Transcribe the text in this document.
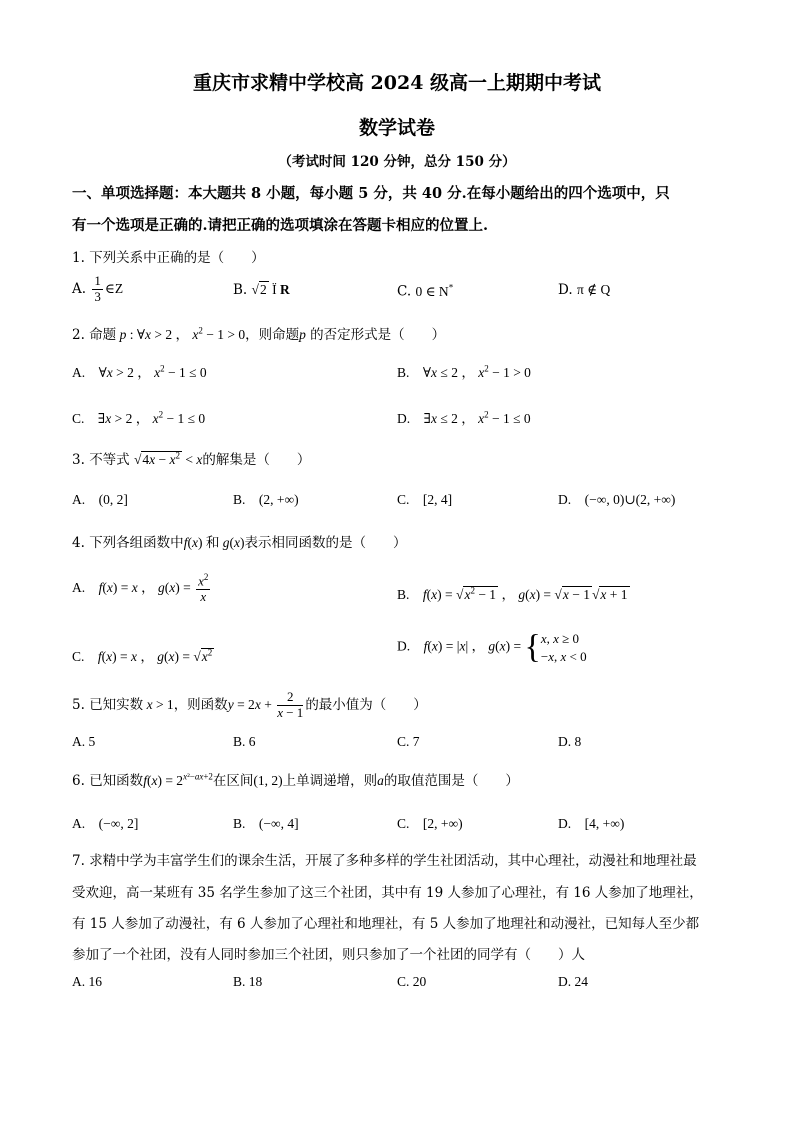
重庆市求精中学校高 2024 级高一上期期中考试
数学试卷
（考试时间 120 分钟，总分 150 分）
一、单项选择题：本大题共 8 小题，每小题 5 分，共 40 分.在每小题给出的四个选项中，只
有一个选项是正确的.请把正确的选项填涂在答题卡相应的位置上.
1. 下列关系中正确的是（　　）
A. $\frac{1}{3}$ ∈Z	B. √2 Ï R	C. 0 ∈ N*	D. π ∉ Q
2. 命题 p : ∀x > 2 ， $x^2 - 1 > 0$，则命题p 的否定形式是（　　）
A.　∀x > 2 ， $x^2 - 1 \le 0$	B.　∀x ≤ 2 ， $x^2 - 1 > 0$
C.　∃x > 2 ， $x^2 - 1 \le 0$	D.　∃x ≤ 2 ， $x^2 - 1 \le 0$
3. 不等式 $√4x - x^2 < x$的解集是（　　）
A.　(0, 2]	B.　(2, +∞)	C.　[2, 4]	D.　(−∞, 0)∪(2, +∞)
4. 下列各组函数中f(x) 和 g(x)表示相同函数的是（　　）
A.　f(x) = x ， $g(x) = \frac{x^2}{x}$	B.　$f(x) = √x^2 - 1$ ， g(x) = √x − 1 √x + 1
C.　f(x) = x ， $g(x) = √x^2$	D.　f(x) = |x| ， g(x) = {x, x ≥ 0
−x, x < 0
5. 已知实数 x > 1，则函数$y = 2x + \frac{2}{x - 1}$ 的最小值为（　　）
A. 5	B. 6	C. 7	D. 8
6. 已知函数$f(x) = 2^{x^2-ax+2}$在区间(1, 2)上单调递增，则a的取值范围是（　　）
A.　(−∞, 2]	B.　(−∞, 4]	C.　[2, +∞)	D.　[4, +∞)
7. 求精中学为丰富学生们的课余生活，开展了多种多样的学生社团活动，其中心理社，动漫社和地理社最
受欢迎，高一某班有 35 名学生参加了这三个社团，其中有 19 人参加了心理社，有 16 人参加了地理社，
有 15 人参加了动漫社，有 6 人参加了心理社和地理社，有 5 人参加了地理社和动漫社，已知每人至少都
参加了一个社团，没有人同时参加三个社团，则只参加了一个社团的同学有（　　）人
A. 16	B. 18	C. 20	D. 24
